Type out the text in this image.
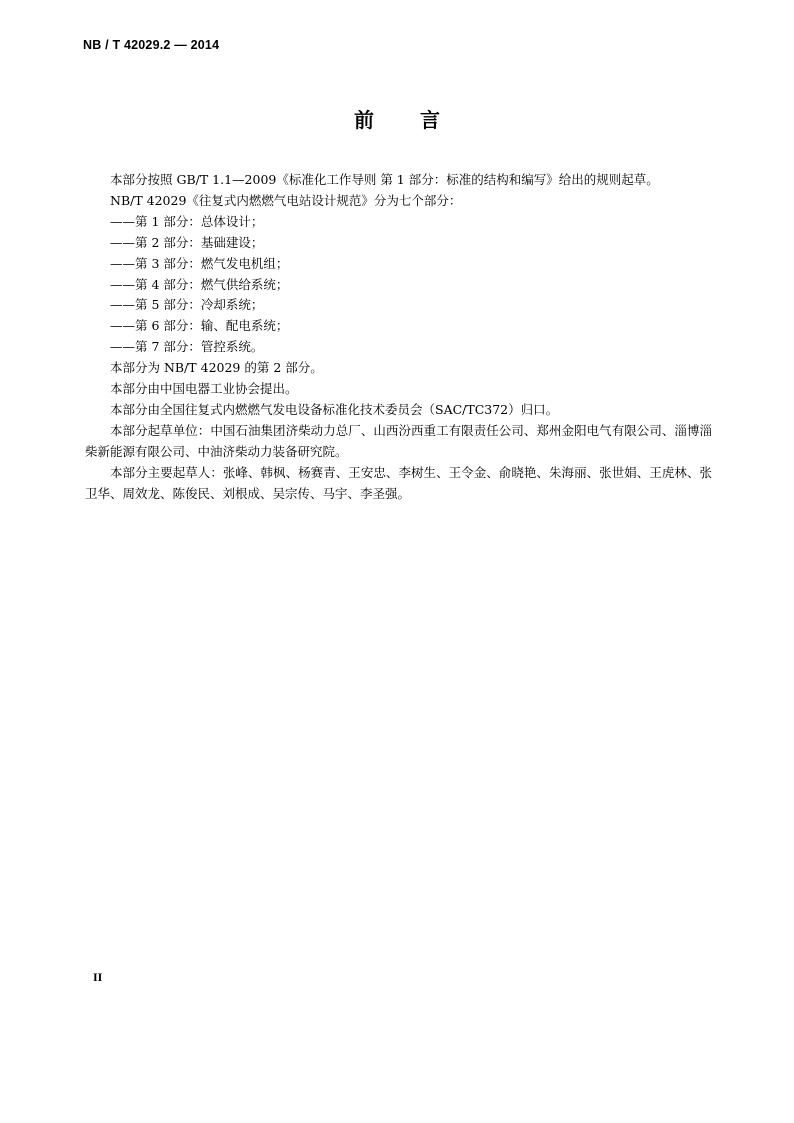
NB / T 42029.2 — 2014
前言

本部分按照 GB/T 1.1—2009《标准化工作导则 第 1 部分：标准的结构和编写》给出的规则起草。

NB/T 42029《往复式内燃燃气电站设计规范》分为七个部分：

——第 1 部分：总体设计；

——第 2 部分：基础建设；

——第 3 部分：燃气发电机组；

——第 4 部分：燃气供给系统；

——第 5 部分：冷却系统；

——第 6 部分：输、配电系统；

——第 7 部分：管控系统。

本部分为 NB/T 42029 的第 2 部分。

本部分由中国电器工业协会提出。

本部分由全国往复式内燃燃气发电设备标准化技术委员会（SAC/TC372）归口。

本部分起草单位：中国石油集团济柴动力总厂、山西汾西重工有限责任公司、郑州金阳电气有限公司、淄博淄柴新能源有限公司、中油济柴动力装备研究院。

本部分主要起草人：张峰、韩枫、杨赛青、王安忠、李树生、王令金、俞晓艳、朱海丽、张世娟、王虎林、张卫华、周效龙、陈俊民、刘根成、吴宗传、马宇、李圣强。

II
